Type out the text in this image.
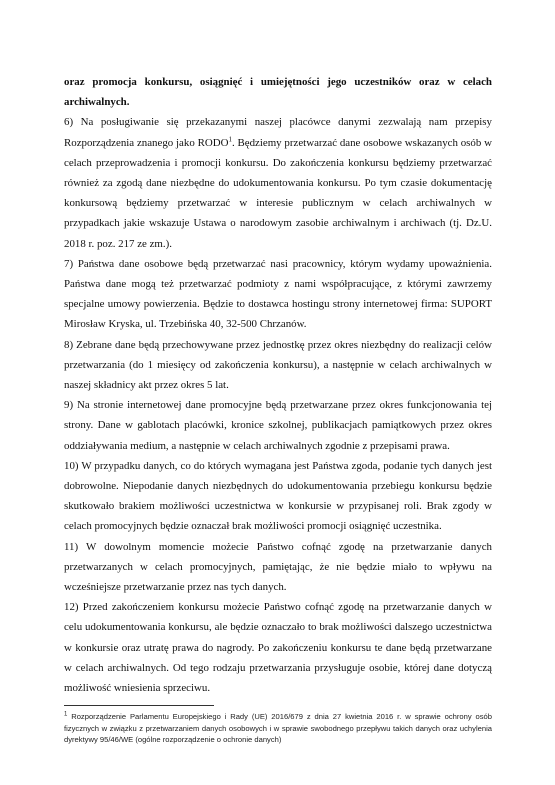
oraz promocja konkursu, osiągnięć i umiejętności jego uczestników oraz w celach archiwalnych.

6) Na posługiwanie się przekazanymi naszej placówce danymi zezwalają nam przepisy Rozporządzenia znanego jako RODO$^1$. Będziemy przetwarzać dane osobowe wskazanych osób w celach przeprowadzenia i promocji konkursu. Do zakończenia konkursu będziemy przetwarzać również za zgodą dane niezbędne do udokumentowania konkursu. Po tym czasie dokumentację konkursową będziemy przetwarzać w interesie publicznym w celach archiwalnych w przypadkach jakie wskazuje Ustawa o narodowym zasobie archiwalnym i archiwach (tj. Dz.U. 2018 r. poz. 217 ze zm.).

7) Państwa dane osobowe będą przetwarzać nasi pracownicy, którym wydamy upoważnienia. Państwa dane mogą też przetwarzać podmioty z nami współpracujące, z którymi zawrzemy specjalne umowy powierzenia. Będzie to dostawca hostingu strony internetowej firma: SUPORT Mirosław Kryska, ul. Trzebińska 40, 32-500 Chrzanów.

8) Zebrane dane będą przechowywane przez jednostkę przez okres niezbędny do realizacji celów przetwarzania (do 1 miesięcy od zakończenia konkursu), a następnie w celach archiwalnych w naszej składnicy akt przez okres 5 lat.

9) Na stronie internetowej dane promocyjne będą przetwarzane przez okres funkcjonowania tej strony. Dane w gablotach placówki, kronice szkolnej, publikacjach pamiątkowych przez okres oddziaływania medium, a następnie w celach archiwalnych zgodnie z przepisami prawa.

10) W przypadku danych, co do których wymagana jest Państwa zgoda, podanie tych danych jest dobrowolne. Niepodanie danych niezbędnych do udokumentowania przebiegu konkursu będzie skutkowało brakiem możliwości uczestnictwa w konkursie w przypisanej roli. Brak zgody w celach promocyjnych będzie oznaczał brak możliwości promocji osiągnięć uczestnika.

11) W dowolnym momencie możecie Państwo cofnąć zgodę na przetwarzanie danych przetwarzanych w celach promocyjnych, pamiętając, że nie będzie miało to wpływu na wcześniejsze przetwarzanie przez nas tych danych.

12) Przed zakończeniem konkursu możecie Państwo cofnąć zgodę na przetwarzanie danych w celu udokumentowania konkursu, ale będzie oznaczało to brak możliwości dalszego uczestnictwa w konkursie oraz utratę prawa do nagrody. Po zakończeniu konkursu te dane będą przetwarzane w celach archiwalnych. Od tego rodzaju przetwarzania przysługuje osobie, której dane dotyczą możliwość wniesienia sprzeciwu.

$^1$ Rozporządzenie Parlamentu Europejskiego i Rady (UE) 2016/679 z dnia 27 kwietnia 2016 r. w sprawie ochrony osób fizycznych w związku z przetwarzaniem danych osobowych i w sprawie swobodnego przepływu takich danych oraz uchylenia dyrektywy 95/46/WE (ogólne rozporządzenie o ochronie danych)
